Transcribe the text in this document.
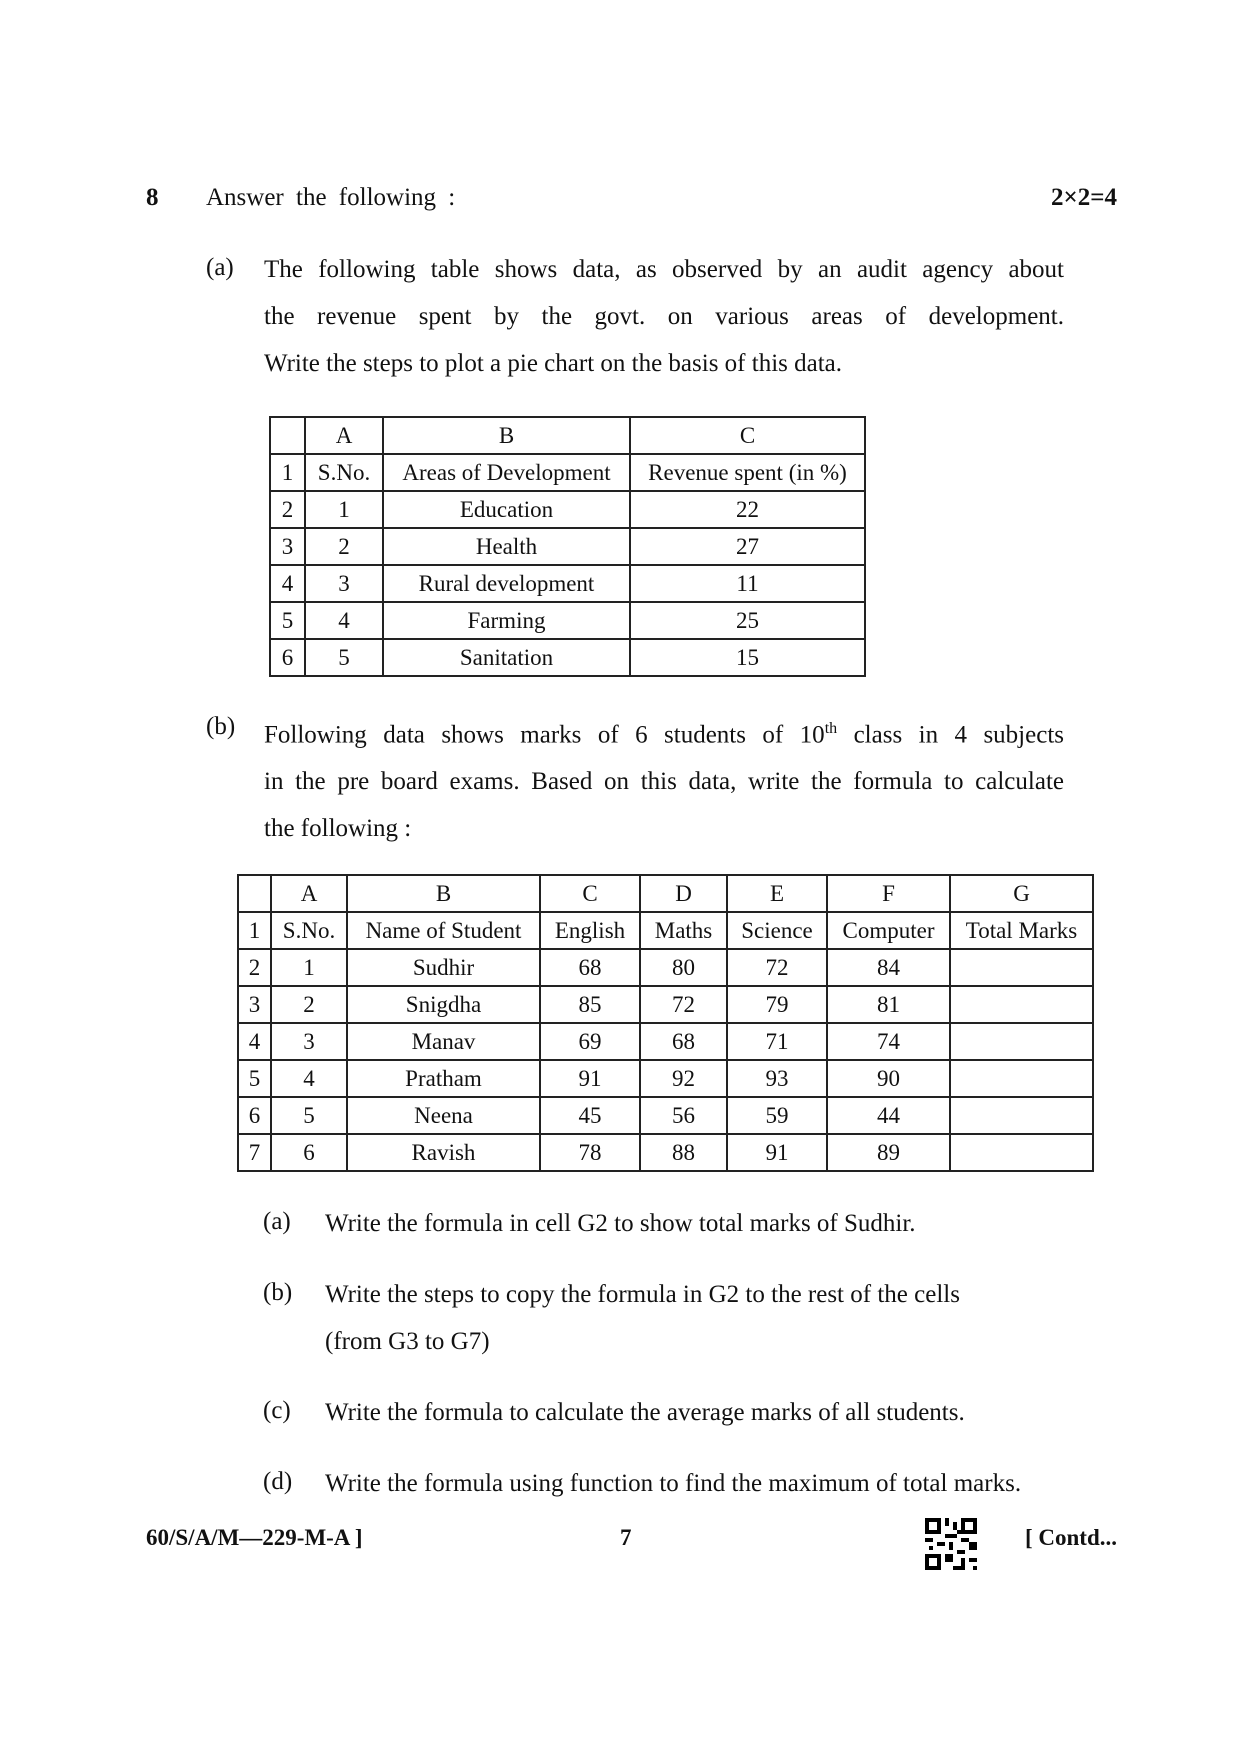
8 Answer the following :	2×2=4
(a) The following table shows data, as observed by an audit agency about
the revenue spent by the govt. on various areas of development.
Write the steps to plot a pie chart on the basis of this data.
	A	B	C
1	S.No.	Areas of Development	Revenue spent (in %)
2	1	Education	22
3	2	Health	27
4	3	Rural development	11
5	4	Farming	25
6	5	Sanitation	15
(b) Following data shows marks of 6 students of 10th class in 4 subjects
in the pre board exams. Based on this data, write the formula to calculate
the following :
	A	B	C	D	E	F	G
1	S.No.	Name of Student	English	Maths	Science	Computer	Total Marks
2	1	Sudhir	68	80	72	84	
3	2	Snigdha	85	72	79	81	
4	3	Manav	69	68	71	74	
5	4	Pratham	91	92	93	90	
6	5	Neena	45	56	59	44	
7	6	Ravish	78	88	91	89	
(a) Write the formula in cell G2 to show total marks of Sudhir.
(b) Write the steps to copy the formula in G2 to the rest of the cells
(from G3 to G7)
(c) Write the formula to calculate the average marks of all students.
(d) Write the formula using function to find the maximum of total marks.
60/S/A/M—229-M-A ]	7	[ Contd...
